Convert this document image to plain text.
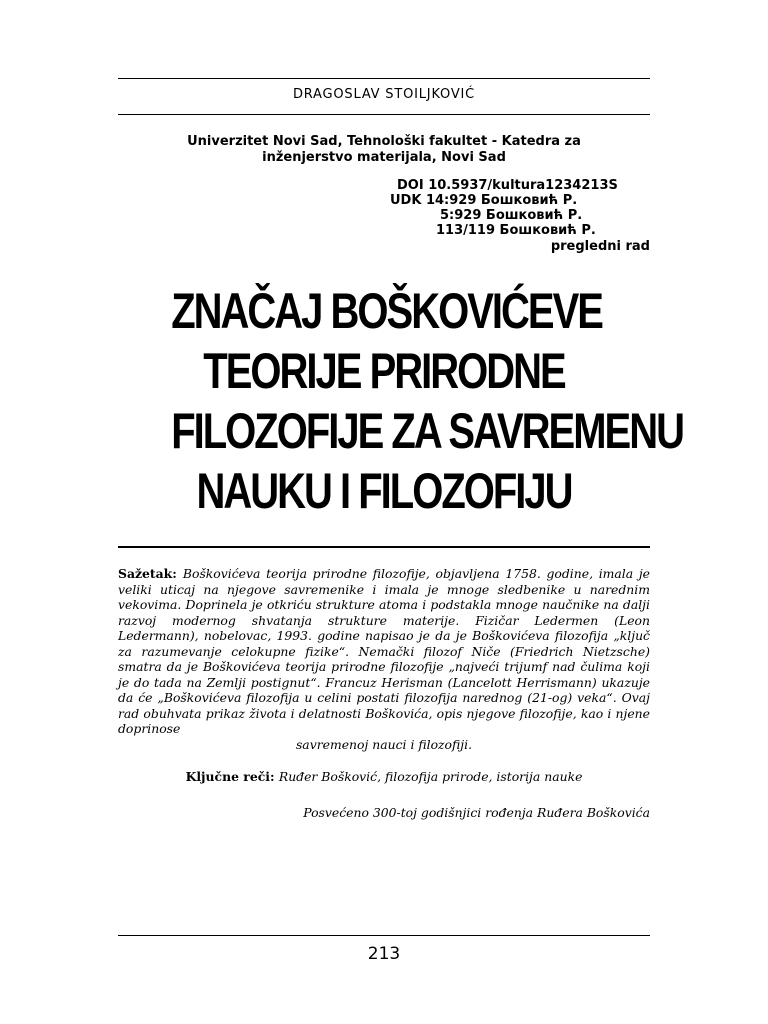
DRAGOSLAV STOILJKOVIĆ
Univerzitet Novi Sad, Tehnološki fakultet - Katedra za
inženjerstvo materijala, Novi Sad
DOI 10.5937/kultura1234213S
UDK 14:929 Бошковић Р.
5:929 Бошковић Р.
113/119 Бошковић Р.
pregledni rad
ZNAČAJ BOŠKOVIĆEVE
TEORIJE PRIRODNE
FILOZOFIJE ZA SAVREMENU
NAUKU I FILOZOFIJU
Sažetak: Boškovićeva teorija prirodne filozofije, objavljena 1758. godine, imala je veliki uticaj na njegove savremenike i imala je mnoge sledbenike u narednim vekovima. Doprinela je otkriću strukture atoma i podstakla mnoge naučnike na dalji razvoj modernog shvatanja strukture materije. Fizičar Ledermen (Leon Ledermann), nobelovac, 1993. godine napisao je da je Boškovićeva filozofija „ključ za razumevanje celokupne fizike“. Nemački filozof Niče (Friedrich Nietzsche) smatra da je Boškovićeva teorija prirodne filozofije „najveći trijumf nad čulima koji je do tada na Zemlji postignut“. Francuz Herisman (Lancelott Herrismann) ukazuje da će „Boškovićeva filozofija u celini postati filozofija narednog (21-og) veka“. Ovaj rad obuhvata prikaz života i delatnosti Boškovića, opis njegove filozofije, kao i njene doprinose
savremenoj nauci i filozofiji.
Ključne reči: Ruđer Bošković, filozofija prirode, istorija nauke
Posvećeno 300-toj godišnjici rođenja Ruđera Boškovića
213
